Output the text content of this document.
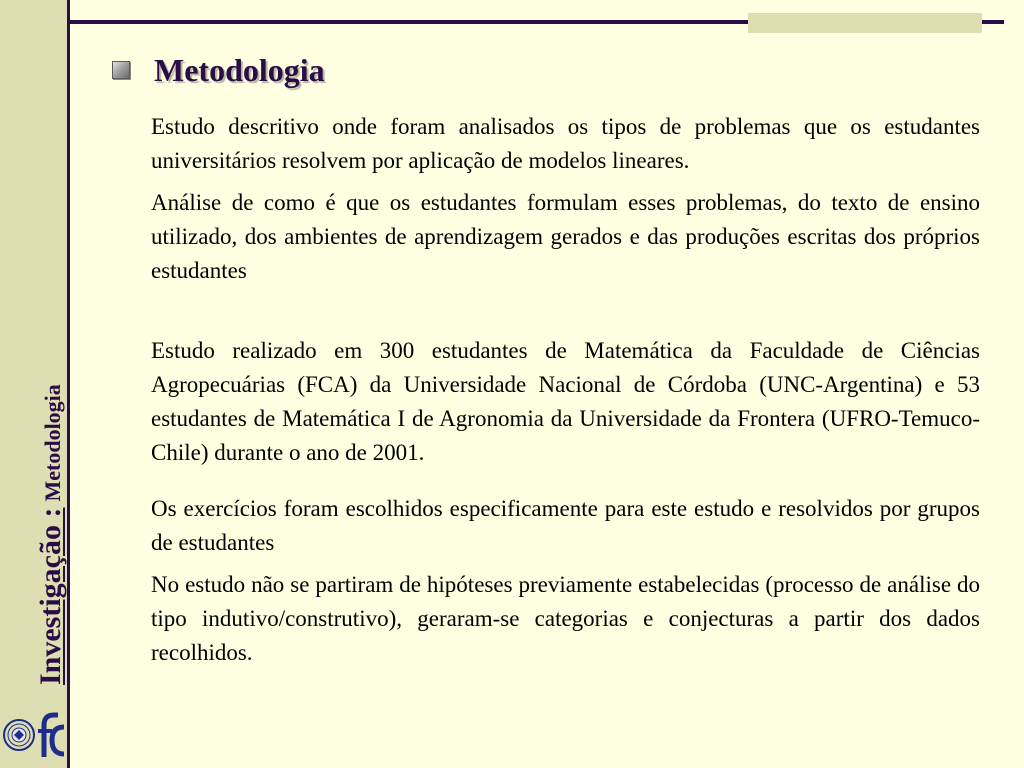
Investigação :Metodologia
Metodologia

Estudo descritivo onde foram analisados os tipos de problemas que os estudantes universitários resolvem por aplicação de modelos lineares.

Análise de como é que os estudantes formulam esses problemas, do texto de ensino utilizado, dos ambientes de aprendizagem gerados e das produções escritas dos próprios estudantes

Estudo realizado em 300 estudantes de Matemática da Faculdade de Ciências Agropecuárias (FCA) da Universidade Nacional de Córdoba (UNC-Argentina) e 53 estudantes de Matemática I de Agronomia da Universidade da Frontera (UFRO-Temuco-Chile) durante o ano de 2001.

Os exercícios foram escolhidos especificamente para este estudo e resolvidos por grupos de estudantes

No estudo não se partiram de hipóteses previamente estabelecidas (processo de análise do tipo indutivo/construtivo), geraram-se categorias e conjecturas a partir dos dados recolhidos.
